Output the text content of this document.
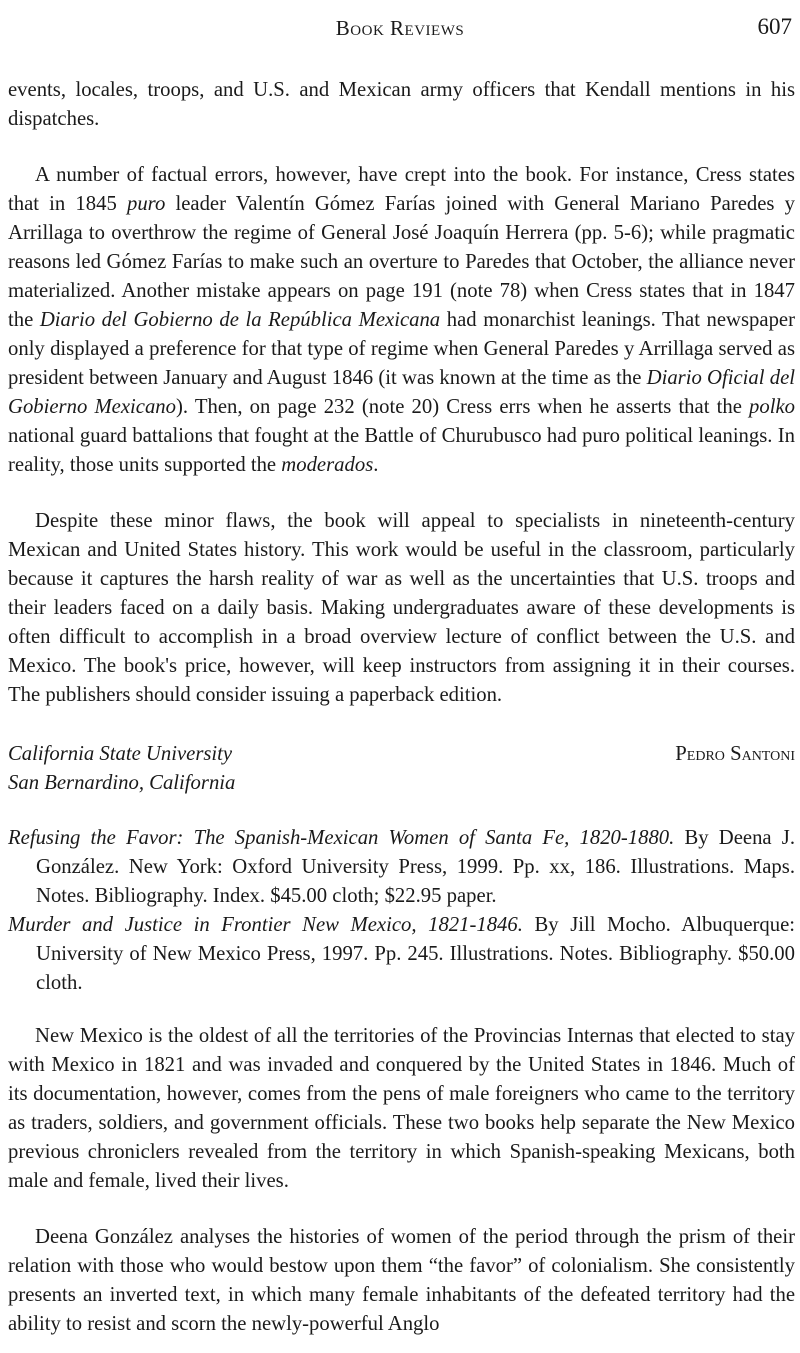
Book Reviews	607

events, locales, troops, and U.S. and Mexican army officers that Kendall mentions in his dispatches.

A number of factual errors, however, have crept into the book. For instance, Cress states that in 1845 puro leader Valentín Gómez Farías joined with General Mariano Paredes y Arrillaga to overthrow the regime of General José Joaquín Herrera (pp. 5-6); while pragmatic reasons led Gómez Farías to make such an overture to Paredes that October, the alliance never materialized. Another mistake appears on page 191 (note 78) when Cress states that in 1847 the Diario del Gobierno de la República Mexicana had monarchist leanings. That newspaper only displayed a preference for that type of regime when General Paredes y Arrillaga served as president between January and August 1846 (it was known at the time as the Diario Oficial del Gobierno Mexicano). Then, on page 232 (note 20) Cress errs when he asserts that the polko national guard battalions that fought at the Battle of Churubusco had puro political leanings. In reality, those units supported the moderados.

Despite these minor flaws, the book will appeal to specialists in nineteenth-century Mexican and United States history. This work would be useful in the classroom, particularly because it captures the harsh reality of war as well as the uncertainties that U.S. troops and their leaders faced on a daily basis. Making undergraduates aware of these developments is often difficult to accomplish in a broad overview lecture of conflict between the U.S. and Mexico. The book's price, however, will keep instructors from assigning it in their courses. The publishers should consider issuing a paperback edition.

California State University
San Bernardino, California
Pedro Santoni

Refusing the Favor: The Spanish-Mexican Women of Santa Fe, 1820-1880. By Deena J. González. New York: Oxford University Press, 1999. Pp. xx, 186. Illustrations. Maps. Notes. Bibliography. Index. $45.00 cloth; $22.95 paper.

Murder and Justice in Frontier New Mexico, 1821-1846. By Jill Mocho. Albuquerque: University of New Mexico Press, 1997. Pp. 245. Illustrations. Notes. Bibliography. $50.00 cloth.

New Mexico is the oldest of all the territories of the Provincias Internas that elected to stay with Mexico in 1821 and was invaded and conquered by the United States in 1846. Much of its documentation, however, comes from the pens of male foreigners who came to the territory as traders, soldiers, and government officials. These two books help separate the New Mexico previous chroniclers revealed from the territory in which Spanish-speaking Mexicans, both male and female, lived their lives.

Deena González analyses the histories of women of the period through the prism of their relation with those who would bestow upon them “the favor” of colonialism. She consistently presents an inverted text, in which many female inhabitants of the defeated territory had the ability to resist and scorn the newly-powerful Anglo
